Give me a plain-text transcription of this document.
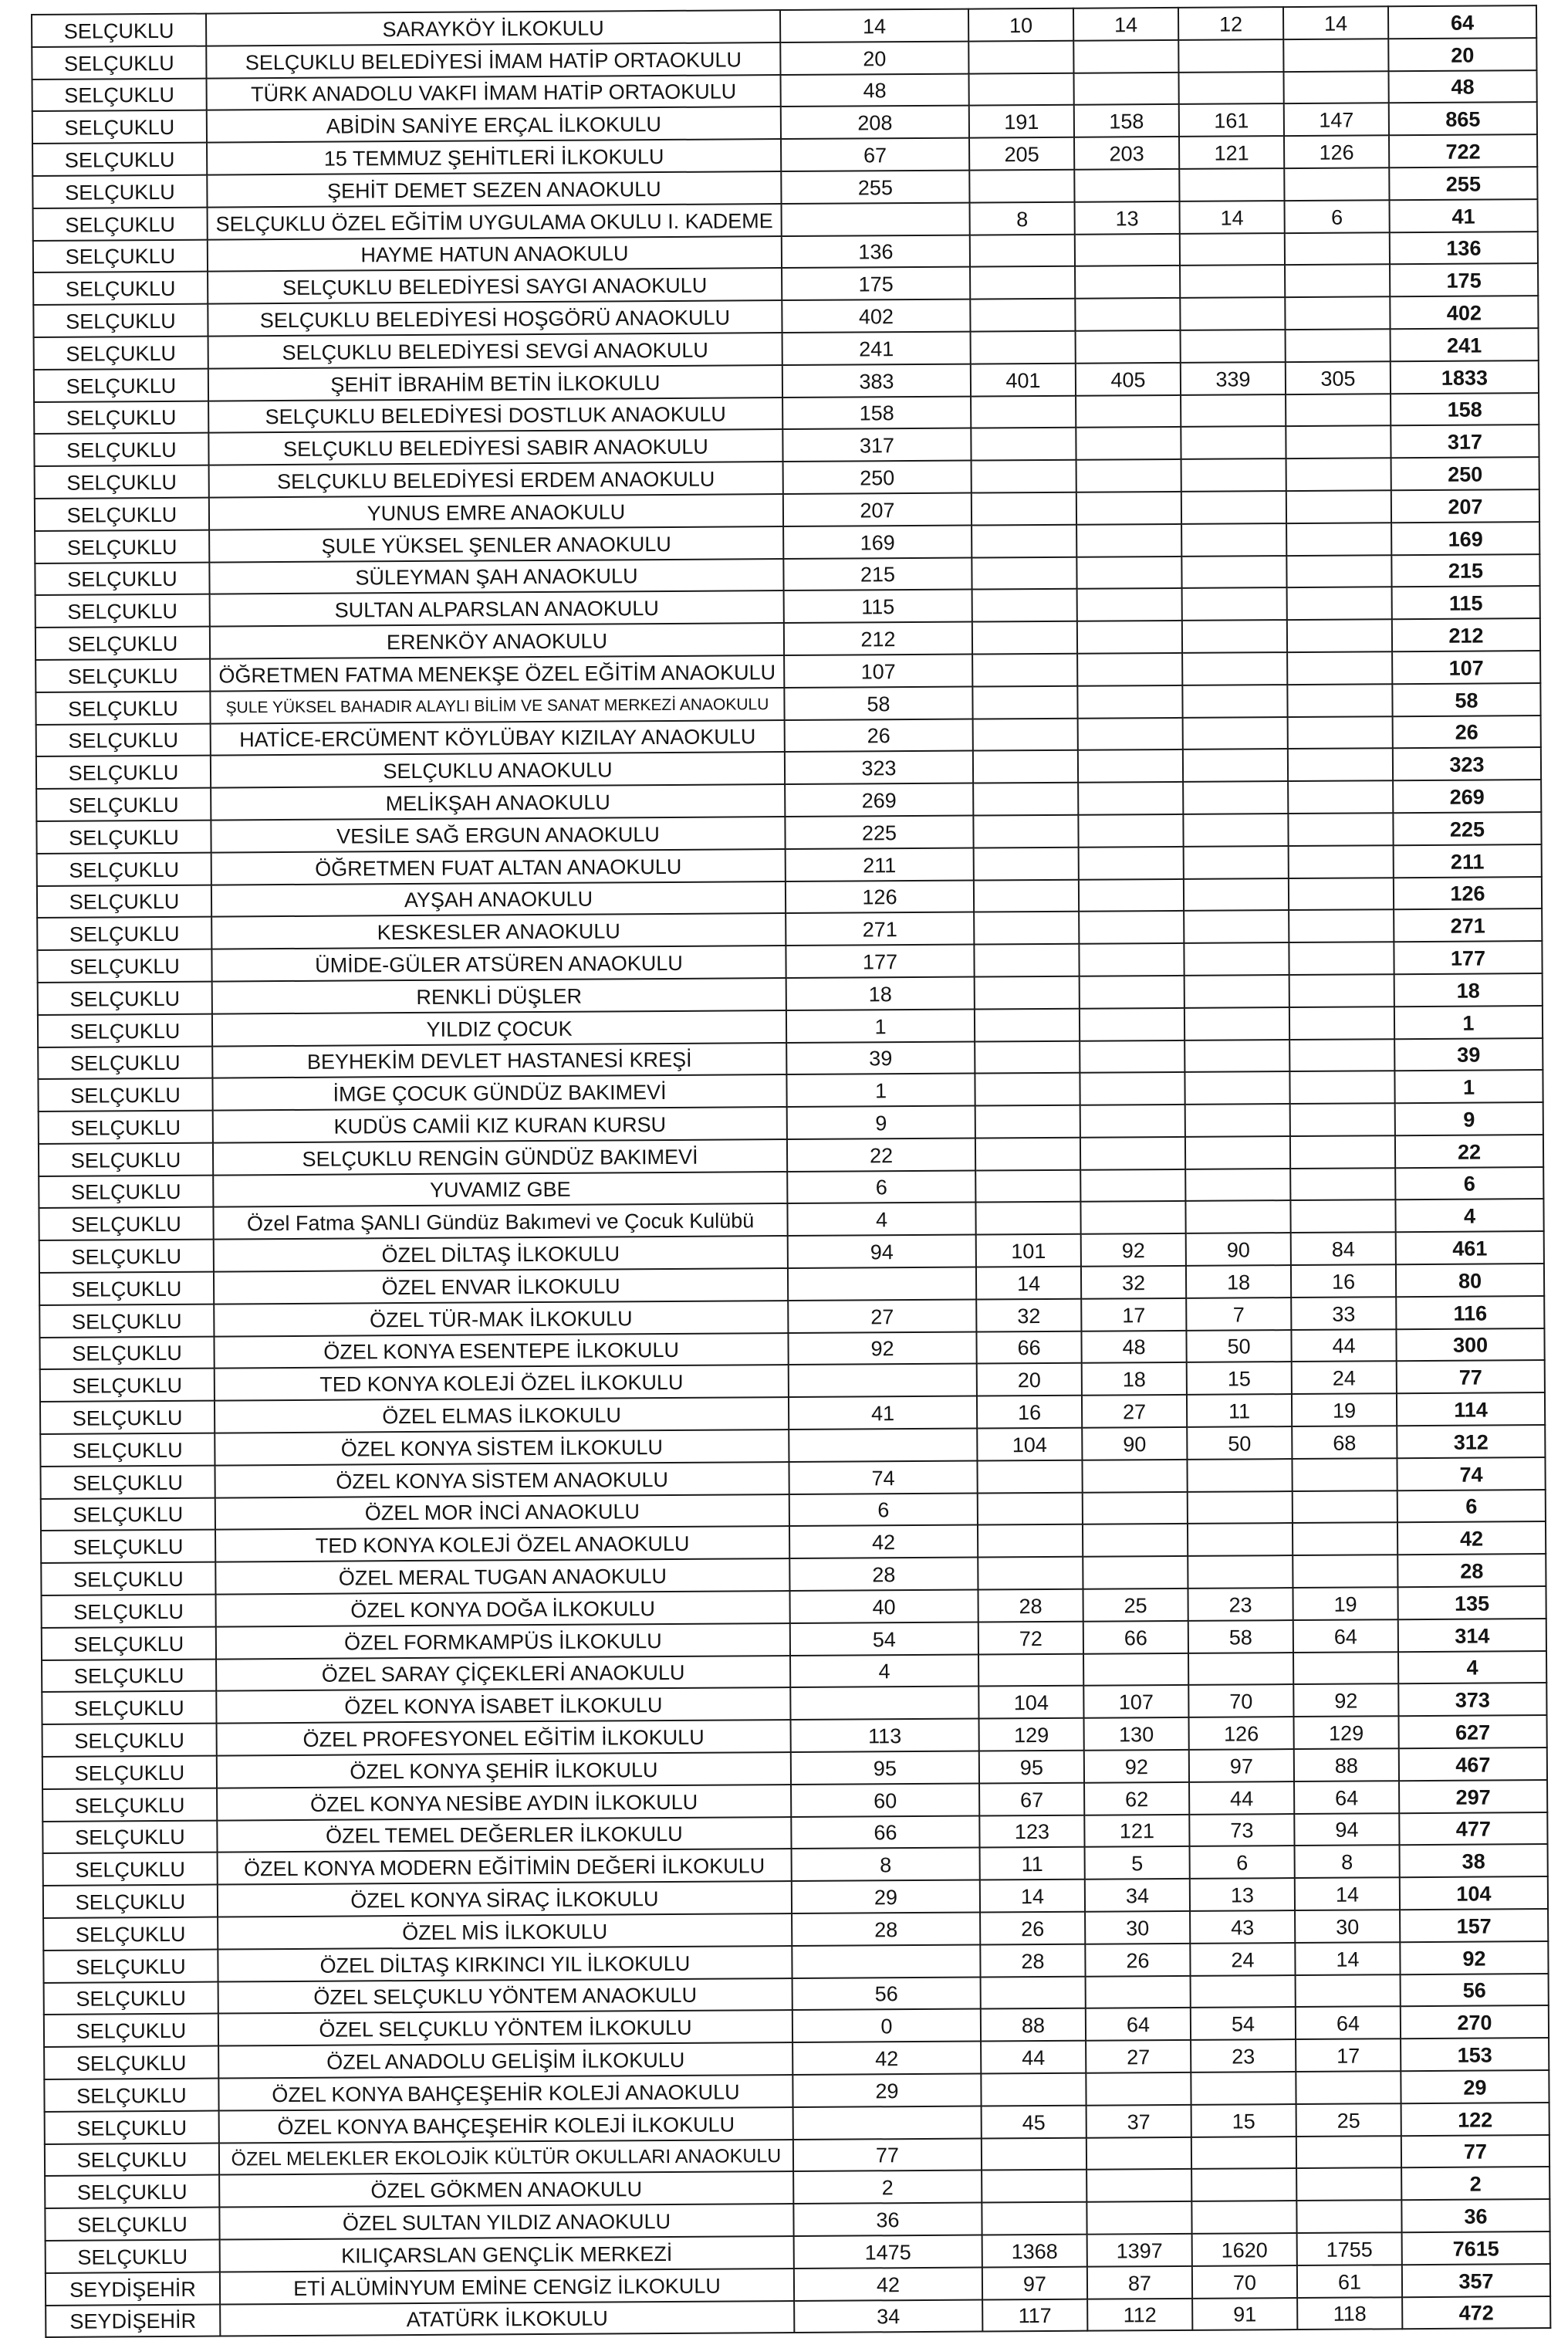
SELÇUKLU	SARAYKÖY İLKOKULU	14	10	14	12	14	64
SELÇUKLU	SELÇUKLU BELEDİYESİ İMAM HATİP ORTAOKULU	20					20
SELÇUKLU	TÜRK ANADOLU VAKFI İMAM HATİP ORTAOKULU	48					48
SELÇUKLU	ABİDİN SANİYE ERÇAL İLKOKULU	208	191	158	161	147	865
SELÇUKLU	15 TEMMUZ ŞEHİTLERİ İLKOKULU	67	205	203	121	126	722
SELÇUKLU	ŞEHİT DEMET SEZEN ANAOKULU	255					255
SELÇUKLU	SELÇUKLU ÖZEL EĞİTİM UYGULAMA OKULU I. KADEME		8	13	14	6	41
SELÇUKLU	HAYME HATUN ANAOKULU	136					136
SELÇUKLU	SELÇUKLU BELEDİYESİ SAYGI ANAOKULU	175					175
SELÇUKLU	SELÇUKLU BELEDİYESİ HOŞGÖRÜ ANAOKULU	402					402
SELÇUKLU	SELÇUKLU BELEDİYESİ SEVGİ ANAOKULU	241					241
SELÇUKLU	ŞEHİT İBRAHİM BETİN İLKOKULU	383	401	405	339	305	1833
SELÇUKLU	SELÇUKLU BELEDİYESİ DOSTLUK ANAOKULU	158					158
SELÇUKLU	SELÇUKLU BELEDİYESİ SABIR ANAOKULU	317					317
SELÇUKLU	SELÇUKLU BELEDİYESİ ERDEM ANAOKULU	250					250
SELÇUKLU	YUNUS EMRE ANAOKULU	207					207
SELÇUKLU	ŞULE YÜKSEL ŞENLER ANAOKULU	169					169
SELÇUKLU	SÜLEYMAN ŞAH ANAOKULU	215					215
SELÇUKLU	SULTAN ALPARSLAN ANAOKULU	115					115
SELÇUKLU	ERENKÖY ANAOKULU	212					212
SELÇUKLU	ÖĞRETMEN FATMA MENEKŞE ÖZEL EĞİTİM ANAOKULU	107					107
SELÇUKLU	ŞULE YÜKSEL BAHADIR ALAYLI BİLİM VE SANAT MERKEZİ ANAOKULU	58					58
SELÇUKLU	HATİCE-ERCÜMENT KÖYLÜBAY KIZILAY ANAOKULU	26					26
SELÇUKLU	SELÇUKLU ANAOKULU	323					323
SELÇUKLU	MELİKŞAH ANAOKULU	269					269
SELÇUKLU	VESİLE SAĞ ERGUN ANAOKULU	225					225
SELÇUKLU	ÖĞRETMEN FUAT ALTAN ANAOKULU	211					211
SELÇUKLU	AYŞAH ANAOKULU	126					126
SELÇUKLU	KESKESLER ANAOKULU	271					271
SELÇUKLU	ÜMİDE-GÜLER ATSÜREN ANAOKULU	177					177
SELÇUKLU	RENKLİ DÜŞLER	18					18
SELÇUKLU	YILDIZ ÇOCUK	1					1
SELÇUKLU	BEYHEKİM DEVLET HASTANESİ KREŞİ	39					39
SELÇUKLU	İMGE ÇOCUK GÜNDÜZ BAKIMEVİ	1					1
SELÇUKLU	KUDÜS CAMİİ KIZ KURAN KURSU	9					9
SELÇUKLU	SELÇUKLU RENGİN GÜNDÜZ BAKIMEVİ	22					22
SELÇUKLU	YUVAMIZ GBE	6					6
SELÇUKLU	Özel Fatma ŞANLI Gündüz Bakımevi ve Çocuk Kulübü	4					4
SELÇUKLU	ÖZEL DİLTAŞ İLKOKULU	94	101	92	90	84	461
SELÇUKLU	ÖZEL ENVAR İLKOKULU		14	32	18	16	80
SELÇUKLU	ÖZEL TÜR-MAK İLKOKULU	27	32	17	7	33	116
SELÇUKLU	ÖZEL KONYA ESENTEPE İLKOKULU	92	66	48	50	44	300
SELÇUKLU	TED KONYA KOLEJİ ÖZEL İLKOKULU		20	18	15	24	77
SELÇUKLU	ÖZEL ELMAS İLKOKULU	41	16	27	11	19	114
SELÇUKLU	ÖZEL KONYA SİSTEM İLKOKULU		104	90	50	68	312
SELÇUKLU	ÖZEL KONYA SİSTEM ANAOKULU	74					74
SELÇUKLU	ÖZEL MOR İNCİ ANAOKULU	6					6
SELÇUKLU	TED KONYA KOLEJİ ÖZEL ANAOKULU	42					42
SELÇUKLU	ÖZEL MERAL TUGAN ANAOKULU	28					28
SELÇUKLU	ÖZEL KONYA DOĞA İLKOKULU	40	28	25	23	19	135
SELÇUKLU	ÖZEL FORMKAMPÜS İLKOKULU	54	72	66	58	64	314
SELÇUKLU	ÖZEL SARAY ÇİÇEKLERİ ANAOKULU	4					4
SELÇUKLU	ÖZEL KONYA İSABET İLKOKULU		104	107	70	92	373
SELÇUKLU	ÖZEL PROFESYONEL EĞİTİM İLKOKULU	113	129	130	126	129	627
SELÇUKLU	ÖZEL KONYA ŞEHİR İLKOKULU	95	95	92	97	88	467
SELÇUKLU	ÖZEL KONYA NESİBE AYDIN İLKOKULU	60	67	62	44	64	297
SELÇUKLU	ÖZEL TEMEL DEĞERLER İLKOKULU	66	123	121	73	94	477
SELÇUKLU	ÖZEL KONYA MODERN EĞİTİMİN DEĞERİ İLKOKULU	8	11	5	6	8	38
SELÇUKLU	ÖZEL KONYA SİRAÇ İLKOKULU	29	14	34	13	14	104
SELÇUKLU	ÖZEL MİS İLKOKULU	28	26	30	43	30	157
SELÇUKLU	ÖZEL DİLTAŞ KIRKINCI YIL İLKOKULU		28	26	24	14	92
SELÇUKLU	ÖZEL SELÇUKLU YÖNTEM ANAOKULU	56					56
SELÇUKLU	ÖZEL SELÇUKLU YÖNTEM İLKOKULU	0	88	64	54	64	270
SELÇUKLU	ÖZEL ANADOLU GELİŞİM İLKOKULU	42	44	27	23	17	153
SELÇUKLU	ÖZEL KONYA BAHÇEŞEHİR KOLEJİ ANAOKULU	29					29
SELÇUKLU	ÖZEL KONYA BAHÇEŞEHİR KOLEJİ İLKOKULU		45	37	15	25	122
SELÇUKLU	ÖZEL MELEKLER EKOLOJİK KÜLTÜR OKULLARI ANAOKULU	77					77
SELÇUKLU	ÖZEL GÖKMEN ANAOKULU	2					2
SELÇUKLU	ÖZEL SULTAN YILDIZ ANAOKULU	36					36
SELÇUKLU	KILIÇARSLAN GENÇLİK MERKEZİ	1475	1368	1397	1620	1755	7615
SEYDİŞEHİR	ETİ ALÜMİNYUM EMİNE CENGİZ İLKOKULU	42	97	87	70	61	357
SEYDİŞEHİR	ATATÜRK İLKOKULU	34	117	112	91	118	472
